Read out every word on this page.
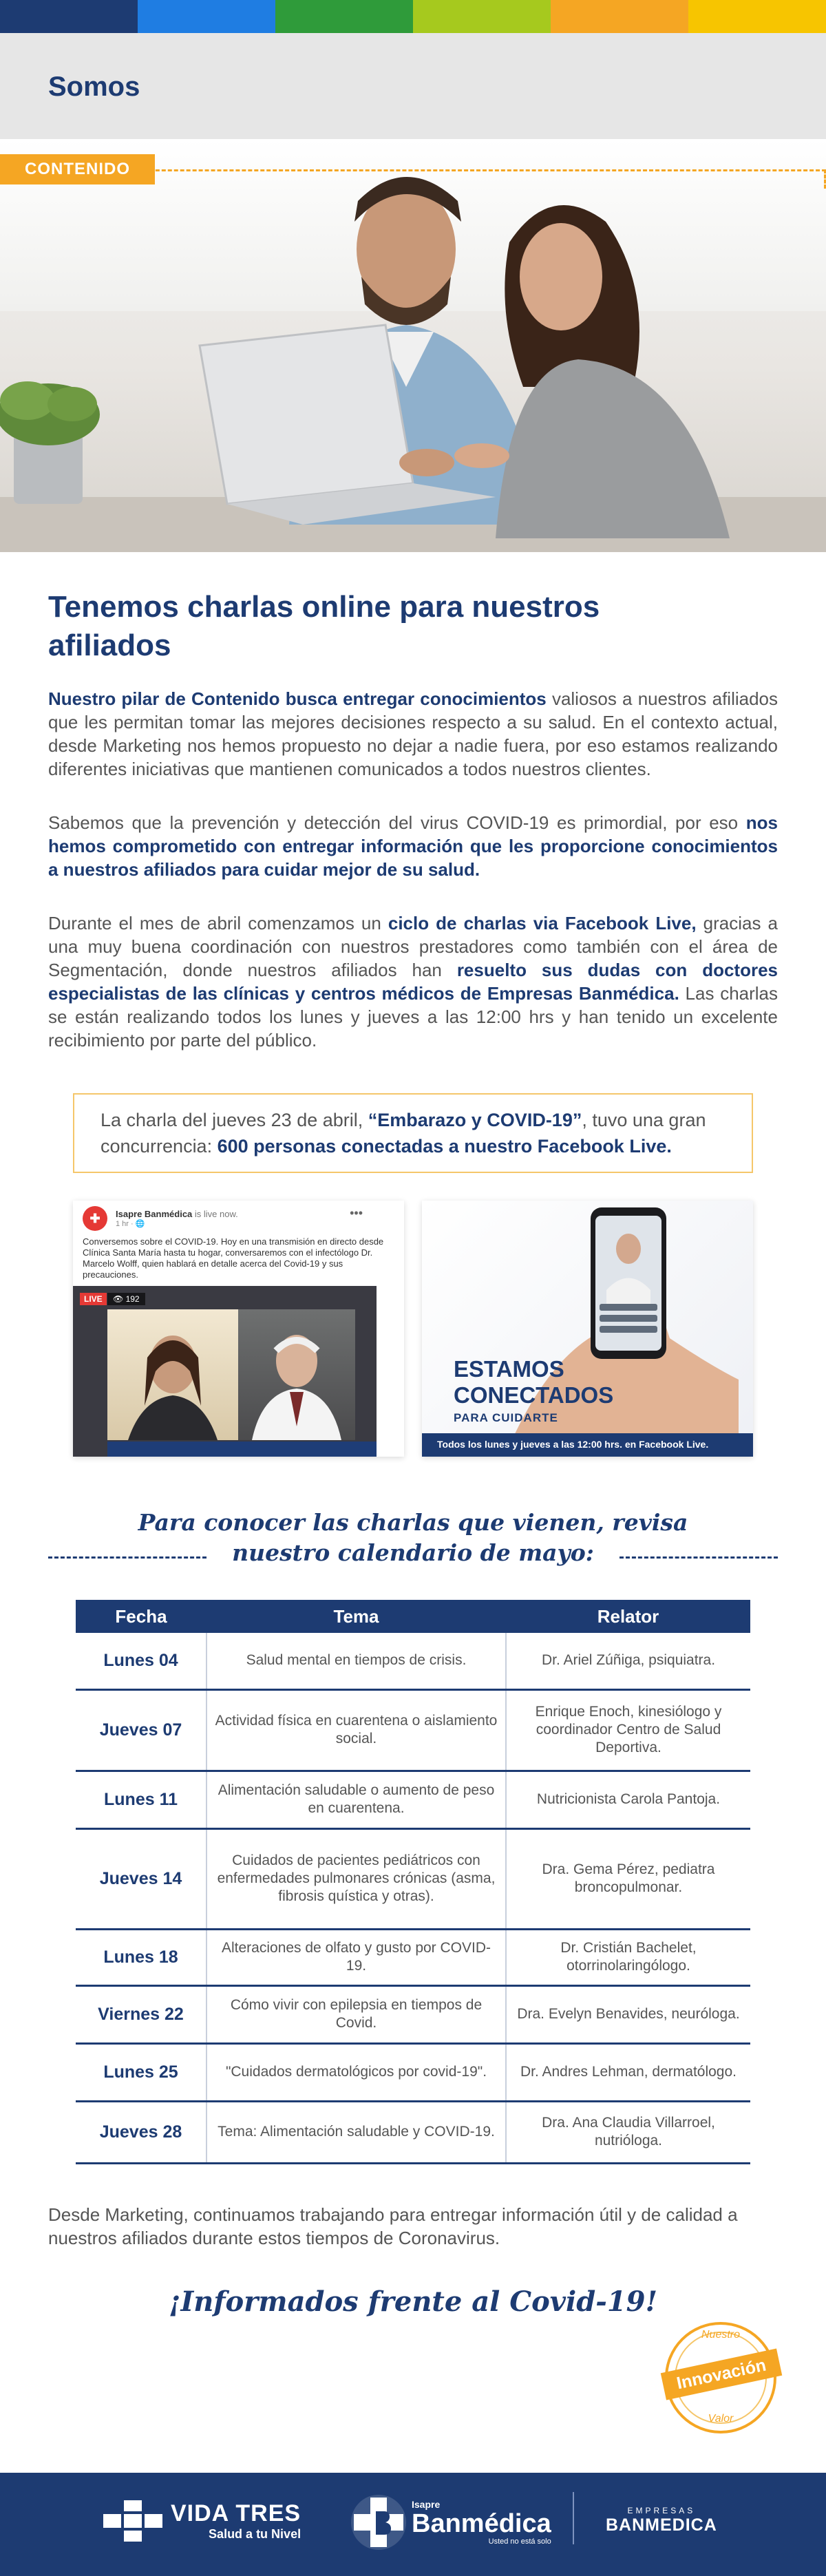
Somos
CONTENIDO
Tenemos charlas online para nuestros afiliados

Nuestro pilar de Contenido busca entregar conocimientos valiosos a nuestros afiliados que les permitan tomar las mejores decisiones respecto a su salud. En el contexto actual, desde Marketing nos hemos propuesto no dejar a nadie fuera, por eso estamos realizando diferentes iniciativas que mantienen comunicados a todos nuestros clientes.

Sabemos que la prevención y detección del virus COVID-19 es primordial, por eso nos hemos comprometido con entregar información que les proporcione conocimientos a nuestros afiliados para cuidar mejor de su salud.

Durante el mes de abril comenzamos un ciclo de charlas via Facebook Live, gracias a una muy buena coordinación con nuestros prestadores como también con el área de Segmentación, donde nuestros afiliados han resuelto sus dudas con doctores especialistas de las clínicas y centros médicos de Empresas Banmédica. Las charlas se están realizando todos los lunes y jueves a las 12:00 hrs y han tenido un excelente recibimiento por parte del público.

La charla del jueves 23 de abril, “Embarazo y COVID-19”, tuvo una gran concurrencia: 600 personas conectadas a nuestro Facebook Live.
✚	Isapre Banmédica is live now.
1 hr · 🌐
•••
Conversemos sobre el COVID-19. Hoy en una transmisión en directo desde Clínica Santa María hasta tu hogar, conversaremos con el infectólogo Dr. Marcelo Wolff, quien hablará en detalle acerca del Covid-19 y sus precauciones.
LIVE	👁 192
ESTAMOS
CONECTADOS
PARA CUIDARTE
Todos los lunes y jueves a las 12:00 hrs. en Facebook Live.
Para conocer las charlas que vienen, revisa
nuestro calendario de mayo:
Fecha	Tema	Relator
Lunes 04	Salud mental en tiempos de crisis.	Dr. Ariel Zúñiga, psiquiatra.
Jueves 07	Actividad física en cuarentena o aislamiento social.	Enrique Enoch, kinesiólogo y coordinador Centro de Salud Deportiva.
Lunes 11	Alimentación saludable o aumento de peso en cuarentena.	Nutricionista Carola Pantoja.
Jueves 14	Cuidados de pacientes pediátricos con enfermedades pulmonares crónicas (asma, fibrosis quística y otras).	Dra. Gema Pérez, pediatra broncopulmonar.
Lunes 18	Alteraciones de olfato y gusto por COVID-19.	Dr. Cristián Bachelet, otorrinolaringólogo.
Viernes 22	Cómo vivir con epilepsia en tiempos de Covid.	Dra. Evelyn Benavides, neuróloga.
Lunes 25	"Cuidados dermatológicos por covid-19".	Dr. Andres Lehman, dermatólogo.
Jueves 28	Tema: Alimentación saludable y COVID-19.	Dra. Ana Claudia Villarroel, nutrióloga.

Desde Marketing, continuamos trabajando para entregar información útil y de calidad a nuestros afiliados durante estos tiempos de Coronavirus.

¡Informados frente al Covid-19!
Nuestro
Innovación
Valor
VIDA TRES
Salud a tu Nivel
Isapre
Banmédica
Usted no está solo
EMPRESAS
BANMEDICA
